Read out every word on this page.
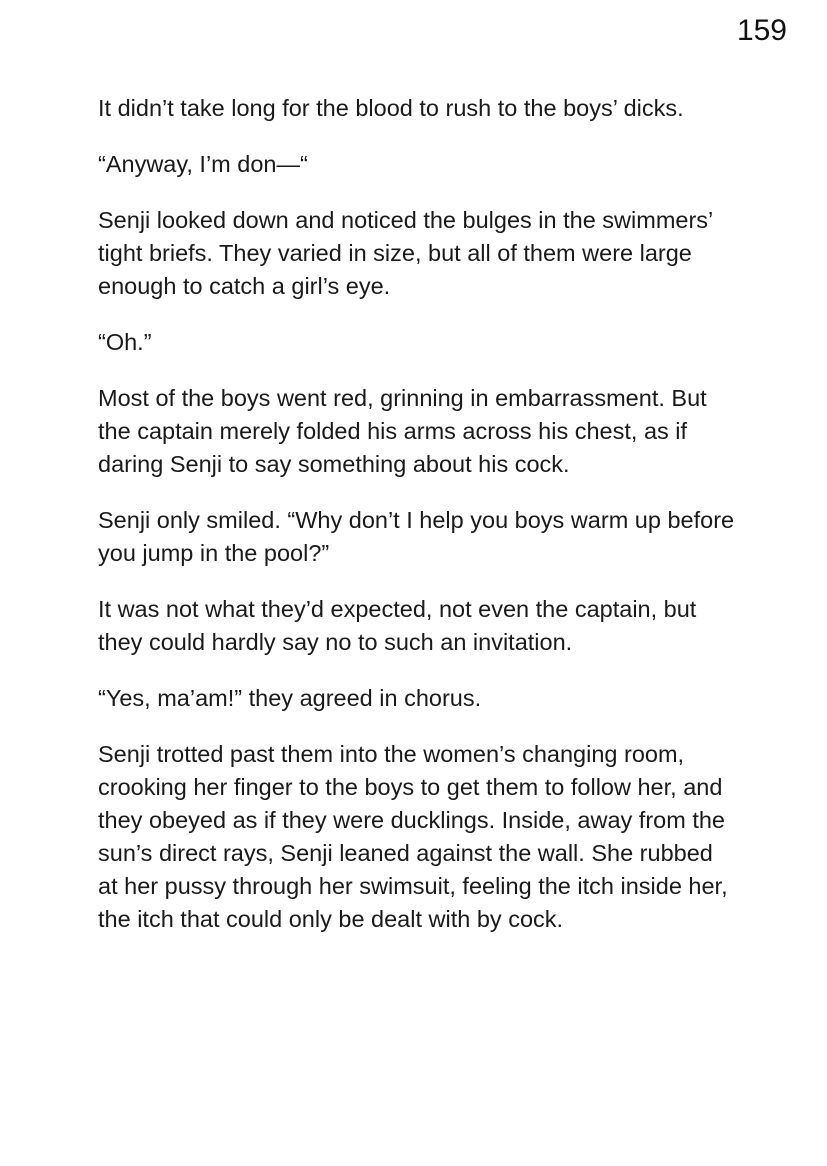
159

It didn’t take long for the blood to rush to the boys’ dicks.

“Anyway, I’m don—“

Senji looked down and noticed the bulges in the swimmers’ tight briefs. They varied in size, but all of them were large enough to catch a girl’s eye.

“Oh.”

Most of the boys went red, grinning in embarrassment. But the captain merely folded his arms across his chest, as if daring Senji to say something about his cock.

Senji only smiled. “Why don’t I help you boys warm up before you jump in the pool?”

It was not what they’d expected, not even the captain, but they could hardly say no to such an invitation.

“Yes, ma’am!” they agreed in chorus.

Senji trotted past them into the women’s changing room, crooking her finger to the boys to get them to follow her, and they obeyed as if they were ducklings. Inside, away from the sun’s direct rays, Senji leaned against the wall. She rubbed at her pussy through her swimsuit, feeling the itch inside her, the itch that could only be dealt with by cock.
